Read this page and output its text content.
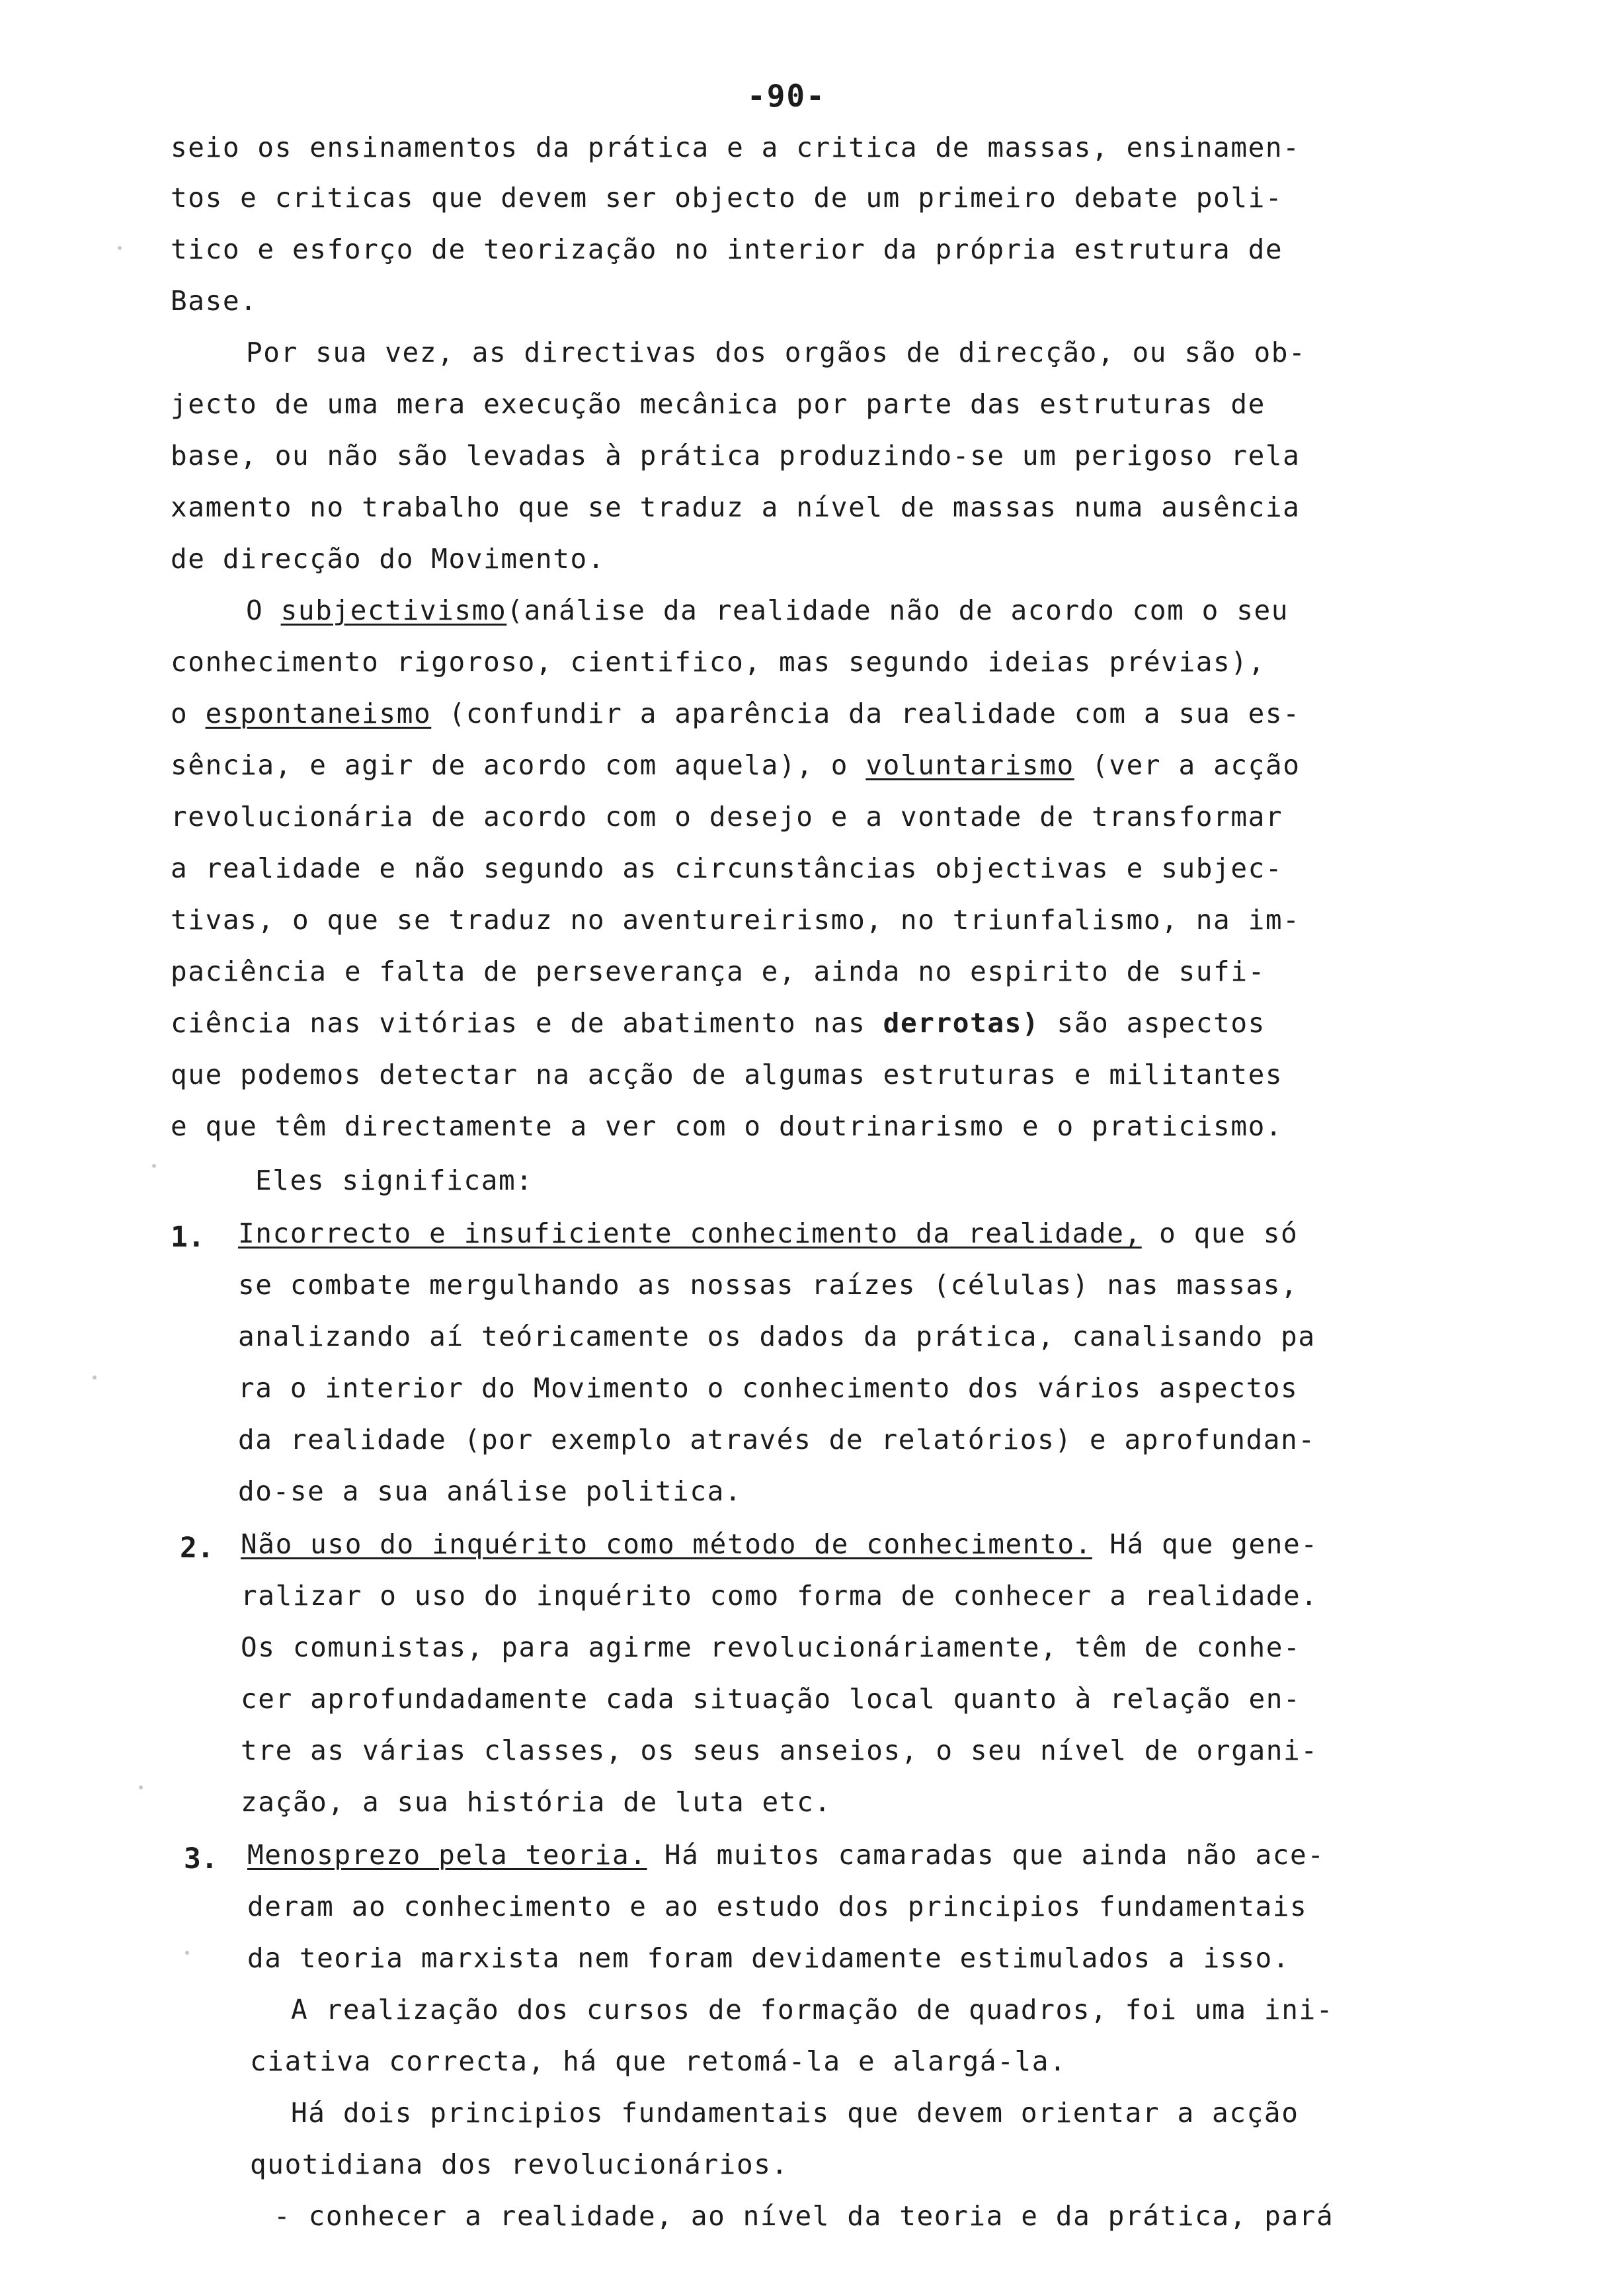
-90-
seio os ensinamentos da prática e a critica de massas, ensinamen-
tos e criticas que devem ser objecto de um primeiro debate poli-
tico e esforço de teorização no interior da própria estrutura de
Base.
Por sua vez, as directivas dos orgãos de direcção, ou são ob-
jecto de uma mera execução mecânica por parte das estruturas de
base, ou não são levadas à prática produzindo-se um perigoso rela
xamento no trabalho que se traduz a nível de massas numa ausência
de direcção do Movimento.
O subjectivismo(análise da realidade não de acordo com o seu
conhecimento rigoroso, cientifico, mas segundo ideias prévias),
o espontaneismo (confundir a aparência da realidade com a sua es-
sência, e agir de acordo com aquela), o voluntarismo (ver a acção
revolucionária de acordo com o desejo e a vontade de transformar
a realidade e não segundo as circunstâncias objectivas e subjec-
tivas, o que se traduz no aventureirismo, no triunfalismo, na im-
paciência e falta de perseverança e, ainda no espirito de sufi-
ciência nas vitórias e de abatimento nas derrotas) são aspectos
que podemos detectar na acção de algumas estruturas e militantes
e que têm directamente a ver com o doutrinarismo e o praticismo.
Eles significam:
1. Incorrecto e insuficiente conhecimento da realidade, o que só
se combate mergulhando as nossas raízes (células) nas massas,
analizando aí teóricamente os dados da prática, canalisando pa
ra o interior do Movimento o conhecimento dos vários aspectos
da realidade (por exemplo através de relatórios) e aprofundan-
do-se a sua análise politica.
2. Não uso do inquérito como método de conhecimento. Há que gene-
ralizar o uso do inquérito como forma de conhecer a realidade.
Os comunistas, para agirme revolucionáriamente, têm de conhe-
cer aprofundadamente cada situação local quanto à relação en-
tre as várias classes, os seus anseios, o seu nível de organi-
zação, a sua história de luta etc.
3. Menosprezo pela teoria. Há muitos camaradas que ainda não ace-
deram ao conhecimento e ao estudo dos principios fundamentais
da teoria marxista nem foram devidamente estimulados a isso.
A realização dos cursos de formação de quadros, foi uma ini-
ciativa correcta, há que retomá-la e alargá-la.
Há dois principios fundamentais que devem orientar a acção
quotidiana dos revolucionários.
- conhecer a realidade, ao nível da teoria e da prática, pará
